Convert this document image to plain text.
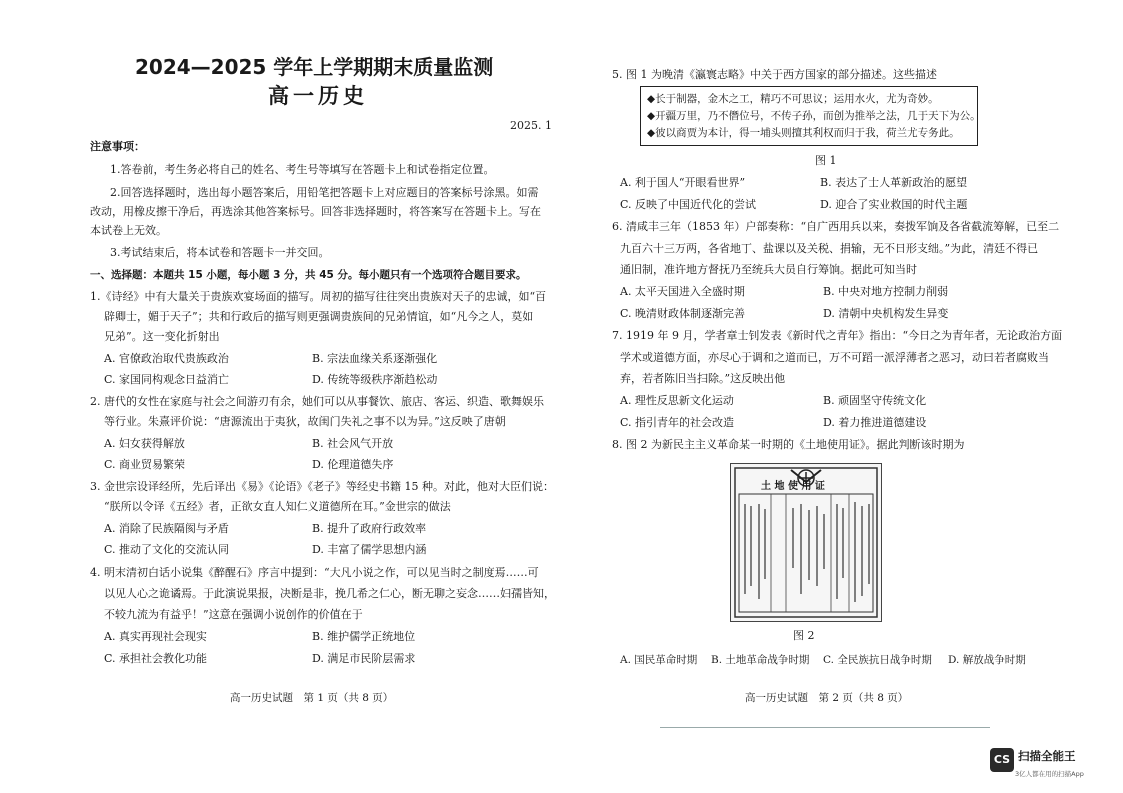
2024—2025 学年上学期期末质量监测
高一历史
2025. 1
注意事项：
1.答卷前，考生务必将自己的姓名、考生号等填写在答题卡上和试卷指定位置。
2.回答选择题时，选出每小题答案后，用铅笔把答题卡上对应题目的答案标号涂黑。如需
改动，用橡皮擦干净后，再选涂其他答案标号。回答非选择题时，将答案写在答题卡上。写在
本试卷上无效。
3.考试结束后，将本试卷和答题卡一并交回。
一、选择题：本题共 15 小题，每小题 3 分，共 45 分。每小题只有一个选项符合题目要求。
1.《诗经》中有大量关于贵族欢宴场面的描写。周初的描写往往突出贵族对天子的忠诚，如“百
辟卿士，媚于天子”；共和行政后的描写则更强调贵族间的兄弟情谊，如“凡今之人，莫如
兄弟”。这一变化折射出
A. 官僚政治取代贵族政治	B. 宗法血缘关系逐渐强化
C. 家国同构观念日益消亡	D. 传统等级秩序渐趋松动
2. 唐代的女性在家庭与社会之间游刃有余，她们可以从事餐饮、旅店、客运、织造、歌舞娱乐
等行业。朱熹评价说：“唐源流出于夷狄，故闺门失礼之事不以为异。”这反映了唐朝
A. 妇女获得解放	B. 社会风气开放
C. 商业贸易繁荣	D. 伦理道德失序
3. 金世宗设译经所，先后译出《易》《论语》《老子》等经史书籍 15 种。对此，他对大臣们说：
“朕所以令译《五经》者，正欲女直人知仁义道德所在耳。”金世宗的做法
A. 消除了民族隔阂与矛盾	B. 提升了政府行政效率
C. 推动了文化的交流认同	D. 丰富了儒学思想内涵
4. 明末清初白话小说集《醉醒石》序言中提到：“大凡小说之作，可以见当时之制度焉……可
以见人心之诡谲焉。于此演说果报，决断是非，挽几希之仁心，断无聊之妄念……妇孺皆知，
不较九流为有益乎！”这意在强调小说创作的价值在于
A. 真实再现社会现实	B. 维护儒学正统地位
C. 承担社会教化功能	D. 满足市民阶层需求
高一历史试题　第 1 页（共 8 页）
5. 图 1 为晚清《瀛寰志略》中关于西方国家的部分描述。这些描述
◆长于制器，金木之工，精巧不可思议；运用水火，尤为奇妙。
◆开疆万里，乃不僭位号，不传子孙，而创为推举之法，几于天下为公。
◆彼以商贾为本计，得一埔头则擅其利权而归于我，荷兰尤专务此。
图 1
A. 利于国人“开眼看世界”	B. 表达了士人革新政治的愿望
C. 反映了中国近代化的尝试	D. 迎合了实业救国的时代主题
6. 清咸丰三年（1853 年）户部奏称：“自广西用兵以来，奏拨军饷及各省截流筹解，已至二
九百六十三万两，各省地丁、盐课以及关税、捐输，无不日形支绌。”为此，清廷不得已
通旧制，准许地方督抚乃至统兵大员自行筹饷。据此可知当时
A. 太平天国进入全盛时期	B. 中央对地方控制力削弱
C. 晚清财政体制逐渐完善	D. 清朝中央机构发生异变
7. 1919 年 9 月，学者章士钊发表《新时代之青年》指出：“今日之为青年者，无论政治方面
学术或道德方面，亦尽心于调和之道而已，万不可蹈一派浮薄者之恶习，动曰若者腐败当
弃，若者陈旧当扫除。”这反映出他
A. 理性反思新文化运动	B. 顽固坚守传统文化
C. 指引青年的社会改造	D. 着力推进道德建设
8. 图 2 为新民主主义革命某一时期的《土地使用证》。据此判断该时期为
土 地 使 用 证
图 2
A. 国民革命时期 B. 土地革命战争时期 C. 全民族抗日战争时期 D. 解放战争时期
高一历史试题　第 2 页（共 8 页）
CS 扫描全能王
3亿人都在用的扫描App
